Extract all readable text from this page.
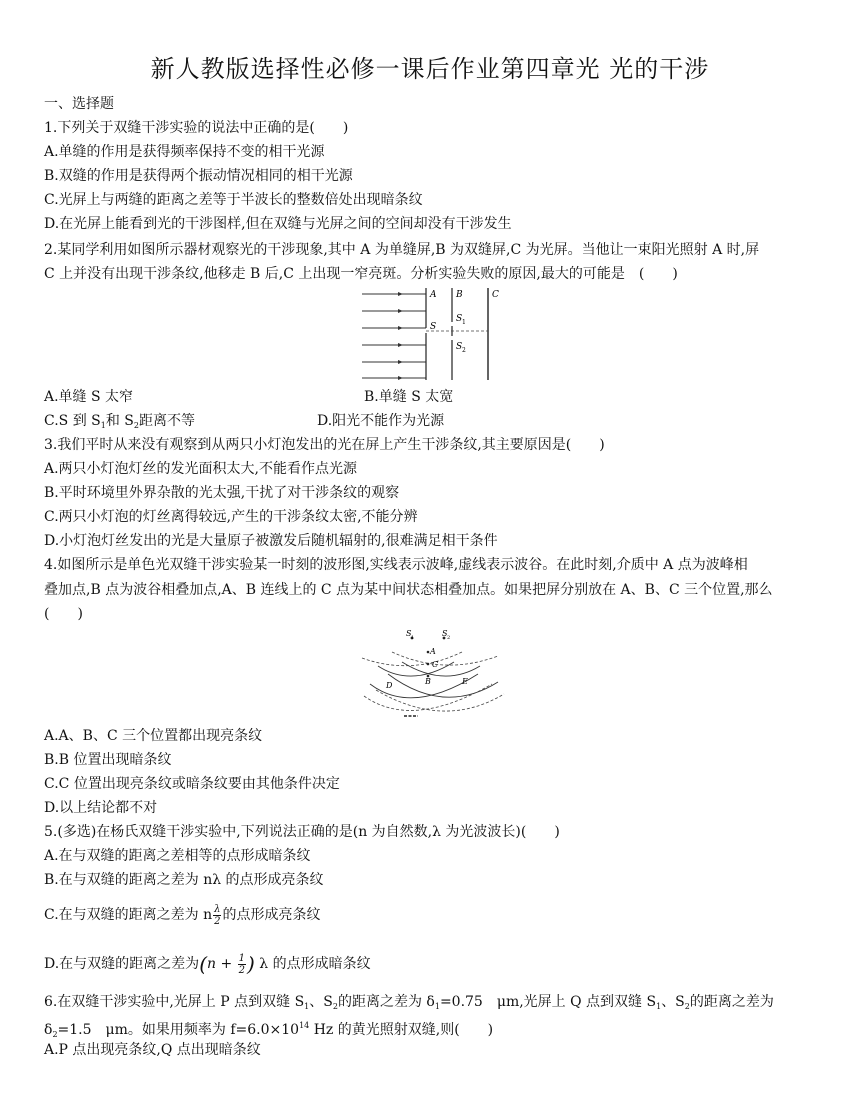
新人教版选择性必修一课后作业第四章光 光的干涉
一、选择题
1.下列关于双缝干涉实验的说法中正确的是(　　)
A.单缝的作用是获得频率保持不变的相干光源
B.双缝的作用是获得两个振动情况相同的相干光源
C.光屏上与两缝的距离之差等于半波长的整数倍处出现暗条纹
D.在光屏上能看到光的干涉图样,但在双缝与光屏之间的空间却没有干涉发生
2.某同学利用如图所示器材观察光的干涉现象,其中 A 为单缝屏,B 为双缝屏,C 为光屏。当他让一束阳光照射 A 时,屏
C 上并没有出现干涉条纹,他移走 B 后,C 上出现一窄亮斑。分析实验失败的原因,最大的可能是　(　　)
A B	C
S
S 1
S 2
A.单缝 S 太窄	B.单缝 S 太宽
C.S 到 S1和 S2距离不等	D.阳光不能作为光源
3.我们平时从来没有观察到从两只小灯泡发出的光在屏上产生干涉条纹,其主要原因是(　　)
A.两只小灯泡灯丝的发光面积太大,不能看作点光源
B.平时环境里外界杂散的光太强,干扰了对干涉条纹的观察
C.两只小灯泡的灯丝离得较远,产生的干涉条纹太密,不能分辨
D.小灯泡灯丝发出的光是大量原子被激发后随机辐射的,很难满足相干条件
4.如图所示是单色光双缝干涉实验某一时刻的波形图,实线表示波峰,虚线表示波谷。在此时刻,介质中 A 点为波峰相
叠加点,B 点为波谷相叠加点,A、B 连线上的 C 点为某中间状态相叠加点。如果把屏分别放在 A、B、C 三个位置,那么
(　　)
S 1	S 2
A
C
B
D	E
A.A、B、C 三个位置都出现亮条纹
B.B 位置出现暗条纹
C.C 位置出现亮条纹或暗条纹要由其他条件决定
D.以上结论都不对
5.(多选)在杨氏双缝干涉实验中,下列说法正确的是(n 为自然数,λ 为光波波长)(　　)
A.在与双缝的距离之差相等的点形成暗条纹
B.在与双缝的距离之差为 nλ 的点形成亮条纹
C.在与双缝的距离之差为 n $\frac{\lambda}{2}$ 的点形成亮条纹
D.在与双缝的距离之差为($n + \frac{1}{2}$ ) λ 的点形成暗条纹
6.在双缝干涉实验中,光屏上 P 点到双缝 $S_1$、$S_2$的距离之差为 $\delta_1=0.75$　μm,光屏上 Q 点到双缝 $S_1$、$S_2$的距离之差为
$\delta_2=1.5$　μm。如果用频率为 $f=6.0\times 10^{14}$ Hz 的黄光照射双缝,则(　　)
A.P 点出现亮条纹,Q 点出现暗条纹
